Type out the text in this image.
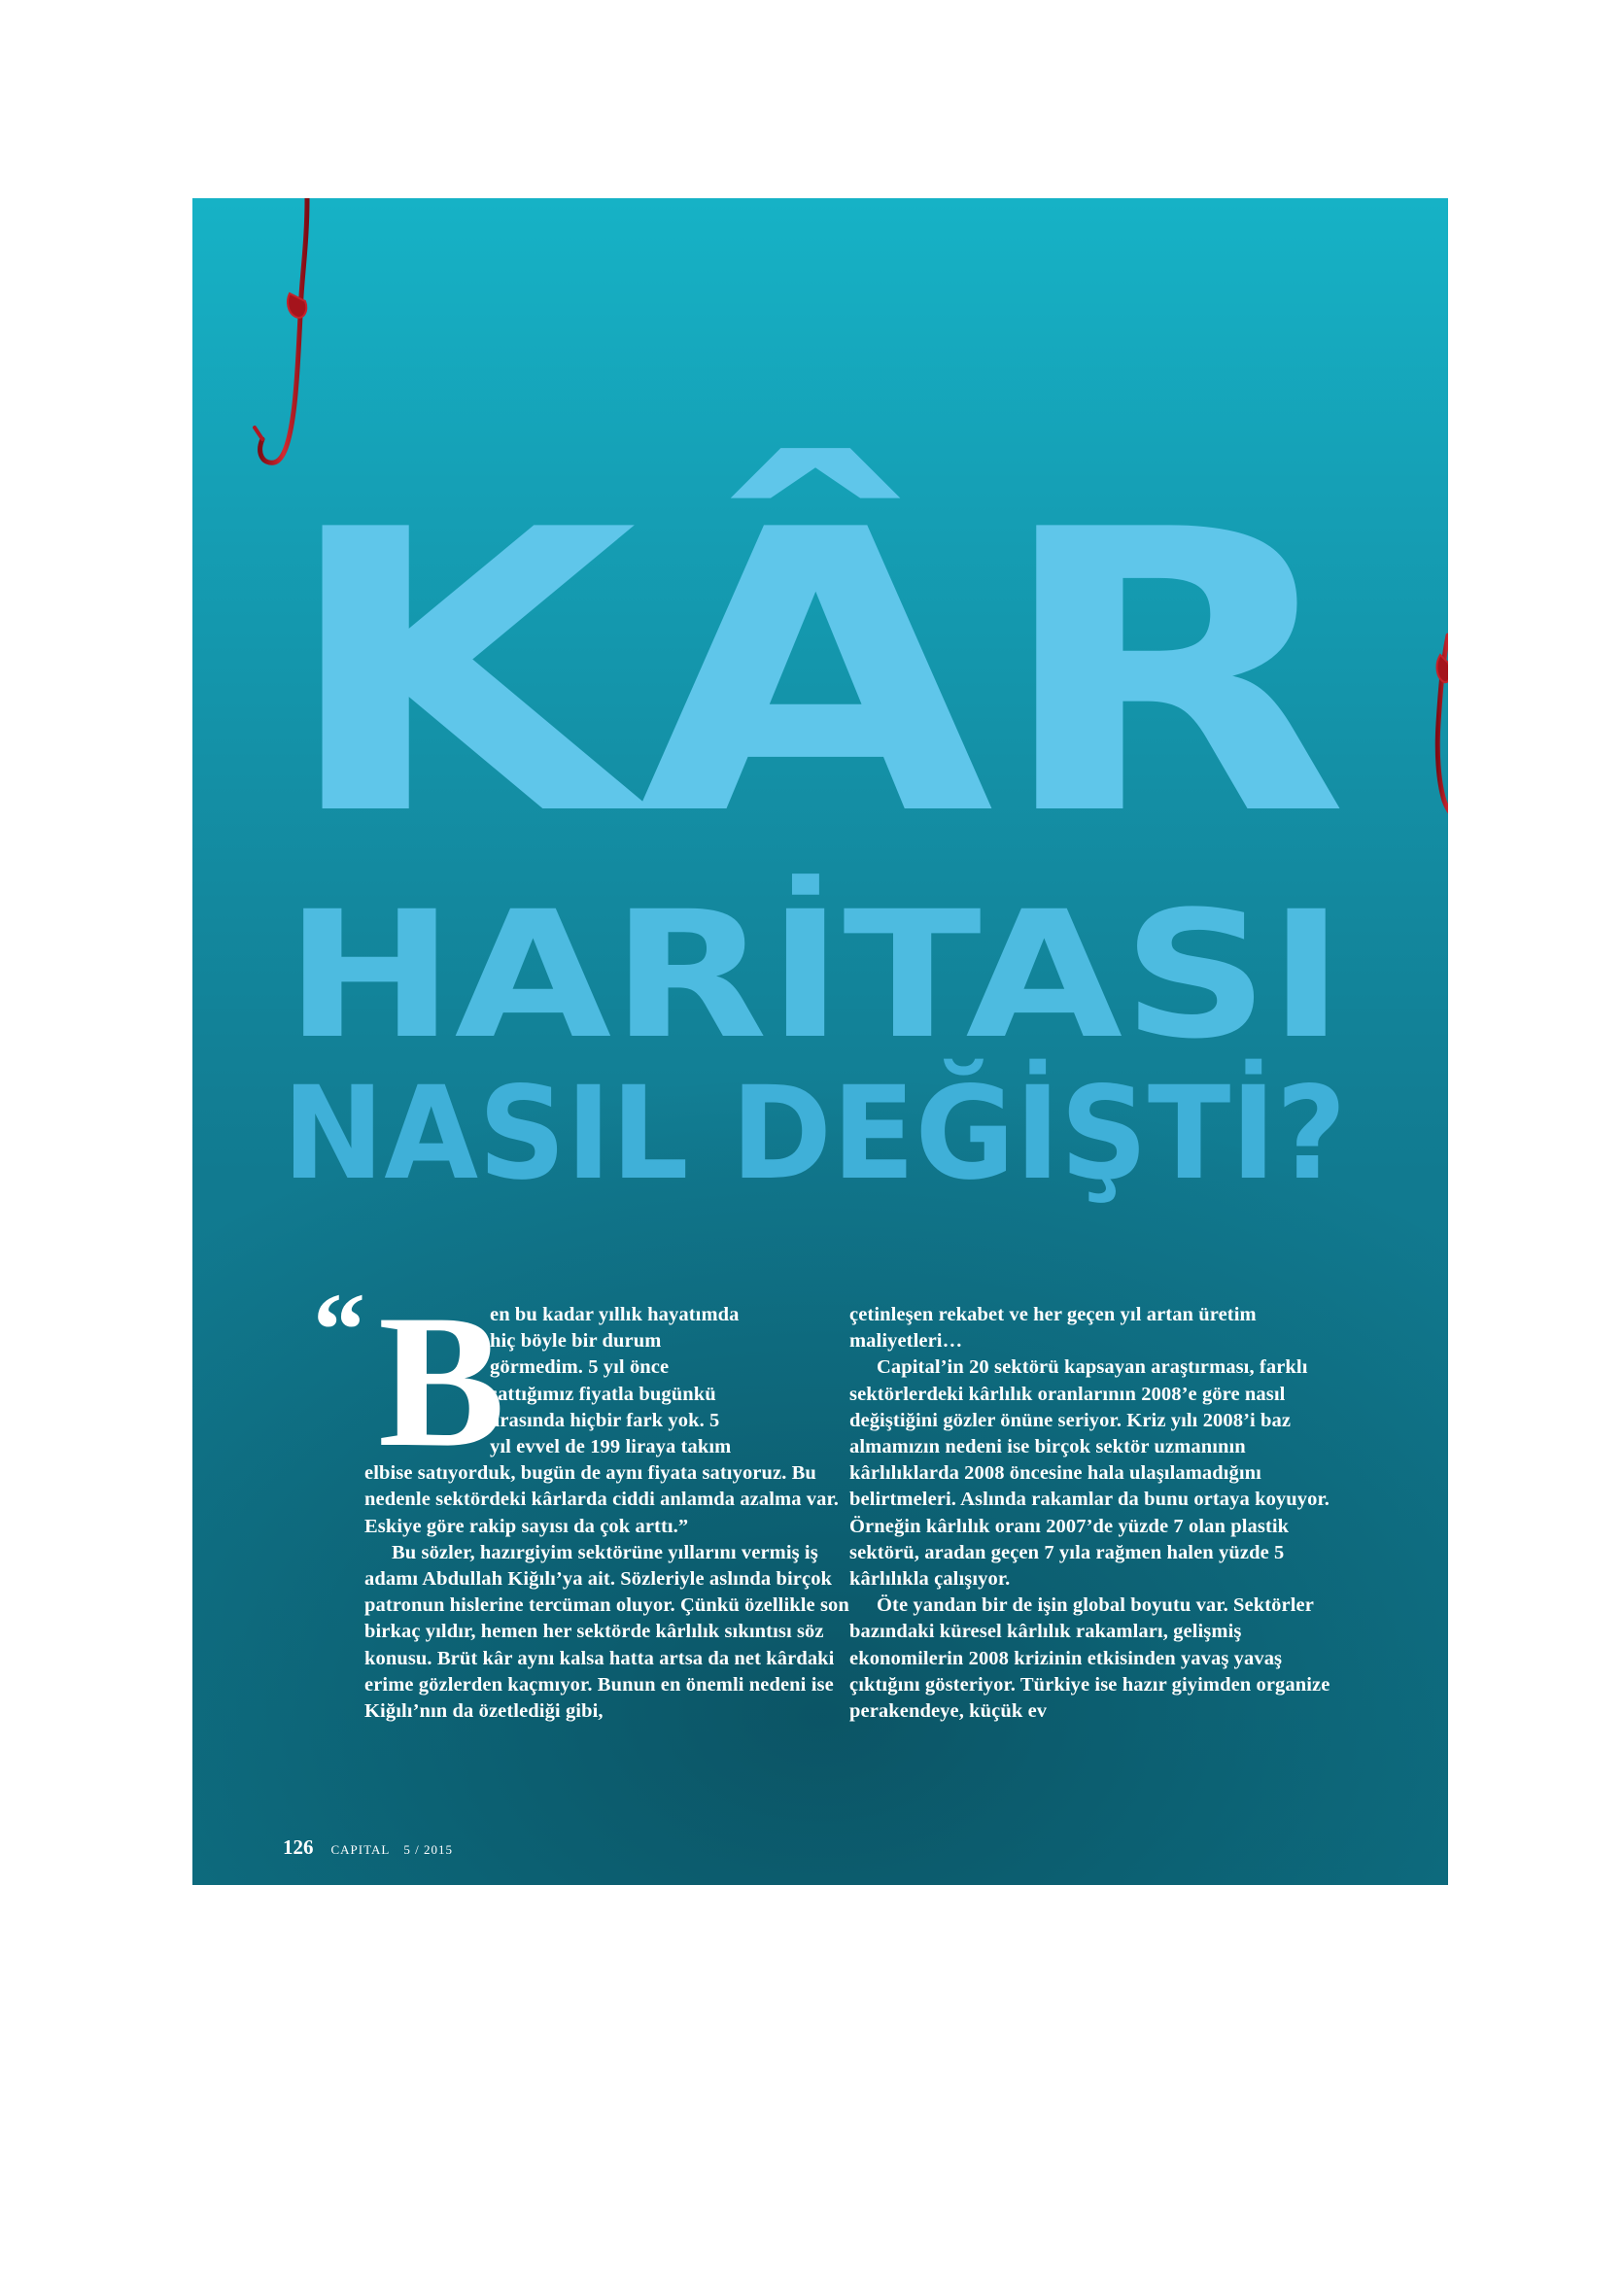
KÂR
HARİTASI
NASIL DEĞİŞTİ?
“ B
en bu kadar yıllık hayatımda
hiç böyle bir durum
görmedim. 5 yıl önce
sattığımız fiyatla bugünkü
arasında hiçbir fark yok. 5
yıl evvel de 199 liraya takım

elbise satıyorduk, bugün de aynı fiyata satıyoruz. Bu nedenle sektördeki kârlarda ciddi anlamda azalma var. Eskiye göre rakip sayısı da çok arttı.”

Bu sözler, hazırgiyim sektörüne yıllarını vermiş iş adamı Abdullah Kiğılı’ya ait. Sözleriyle aslında birçok patronun hislerine tercüman oluyor. Çünkü özellikle son birkaç yıldır, hemen her sektörde kârlılık sıkıntısı söz konusu. Brüt kâr aynı kalsa hatta artsa da net kârdaki erime gözlerden kaçmıyor. Bunun en önemli nedeni ise Kiğılı’nın da özetlediği gibi,

çetinleşen rekabet ve her geçen yıl artan üretim maliyetleri…

Capital’in 20 sektörü kapsayan araştırması, farklı sektörlerdeki kârlılık oranlarının 2008’e göre nasıl değiştiğini gözler önüne seriyor. Kriz yılı 2008’i baz almamızın nedeni ise birçok sektör uzmanının kârlılıklarda 2008 öncesine hala ulaşılamadığını belirtmeleri. Aslında rakamlar da bunu ortaya koyuyor. Örneğin kârlılık oranı 2007’de yüzde 7 olan plastik sektörü, aradan geçen 7 yıla rağmen halen yüzde 5 kârlılıkla çalışıyor.

Öte yandan bir de işin global boyutu var. Sektörler bazındaki küresel kârlılık rakamları, gelişmiş ekonomilerin 2008 krizinin etkisinden yavaş yavaş çıktığını gösteriyor. Türkiye ise hazır giyimden organize perakendeye, küçük ev

126 CAPITAL 5 / 2015
